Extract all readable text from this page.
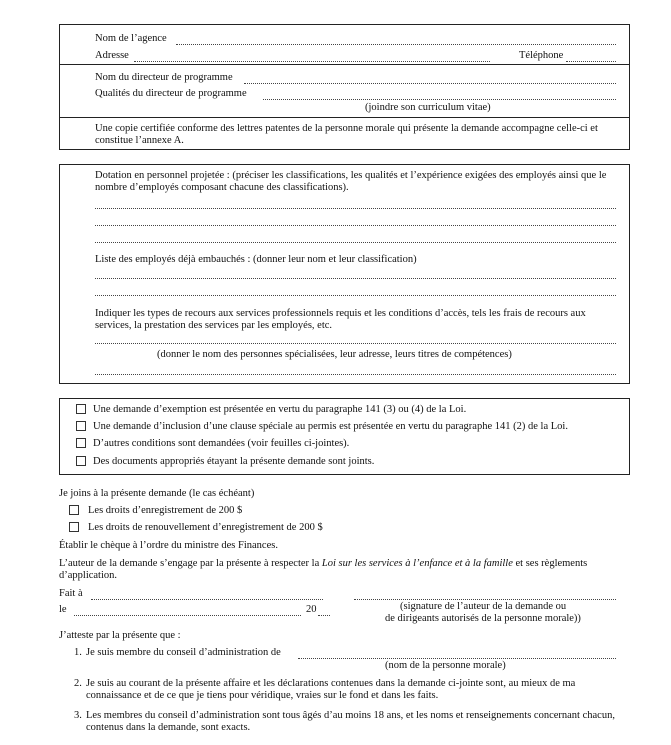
Nom de l’agence
Adresse	Téléphone
Nom du directeur de programme
Qualités du directeur de programme
(joindre son curriculum vitae)
Une copie certifiée conforme des lettres patentes de la personne morale qui présente la demande accompagne celle-ci et constitue l’annexe A.
Dotation en personnel projetée : (préciser les classifications, les qualités et l’expérience exigées des employés ainsi que le nombre d’employés composant chacune des classifications).
Liste des employés déjà embauchés : (donner leur nom et leur classification)
Indiquer les types de recours aux services professionnels requis et les conditions d’accès, tels les frais de recours aux services, la prestation des services par les employés, etc.
(donner le nom des personnes spécialisées, leur adresse, leurs titres de compétences)
Une demande d’exemption est présentée en vertu du paragraphe 141 (3) ou (4) de la Loi.
Une demande d’inclusion d’une clause spéciale au permis est présentée en vertu du paragraphe 141 (2) de la Loi.
D’autres conditions sont demandées (voir feuilles ci-jointes).
Des documents appropriés étayant la présente demande sont joints.
Je joins à la présente demande (le cas échéant)
Les droits d’enregistrement de 200 $
Les droits de renouvellement d’enregistrement de 200 $
Établir le chèque à l’ordre du ministre des Finances.
L’auteur de la demande s’engage par la présente à respecter la Loi sur les services à l’enfance et à la famille et ses règlements
d’application.
Fait à
le	20	(signature de l’auteur de la demande ou
de dirigeants autorisés de la personne morale))
J’atteste par la présente que :
1. Je suis membre du conseil d’administration de
(nom de la personne morale)
2. Je suis au courant de la présente affaire et les déclarations contenues dans la demande ci-jointe sont, au mieux de ma connaissance et de ce que je tiens pour véridique, vraies sur le fond et dans les faits.
3. Les membres du conseil d’administration sont tous âgés d’au moins 18 ans, et les noms et renseignements concernant chacun, contenus dans la demande, sont exacts.
